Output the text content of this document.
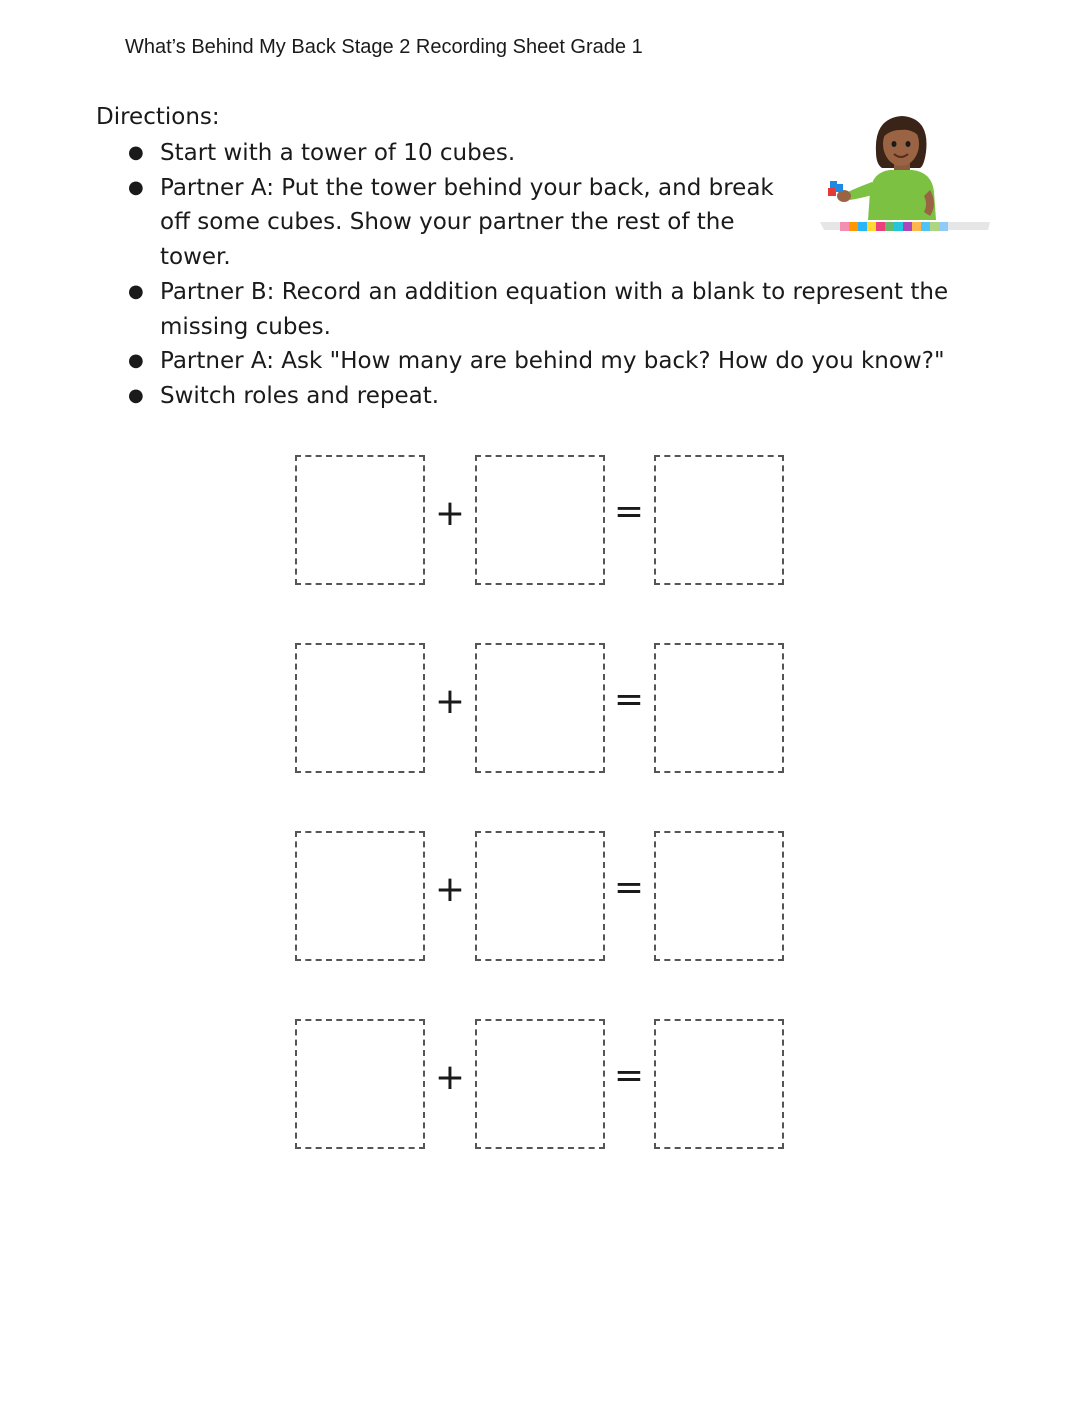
What’s Behind My Back Stage 2 Recording Sheet Grade 1
Directions:
● Start with a tower of 10 cubes.
● Partner A: Put the tower behind your back, and break off some cubes. Show your partner the rest of the tower.
● Partner B: Record an addition equation with a blank to represent the missing cubes.
● Partner A: Ask "How many are behind my back? How do you know?"
● Switch roles and repeat.
+	=
+	=
+	=
+	=
